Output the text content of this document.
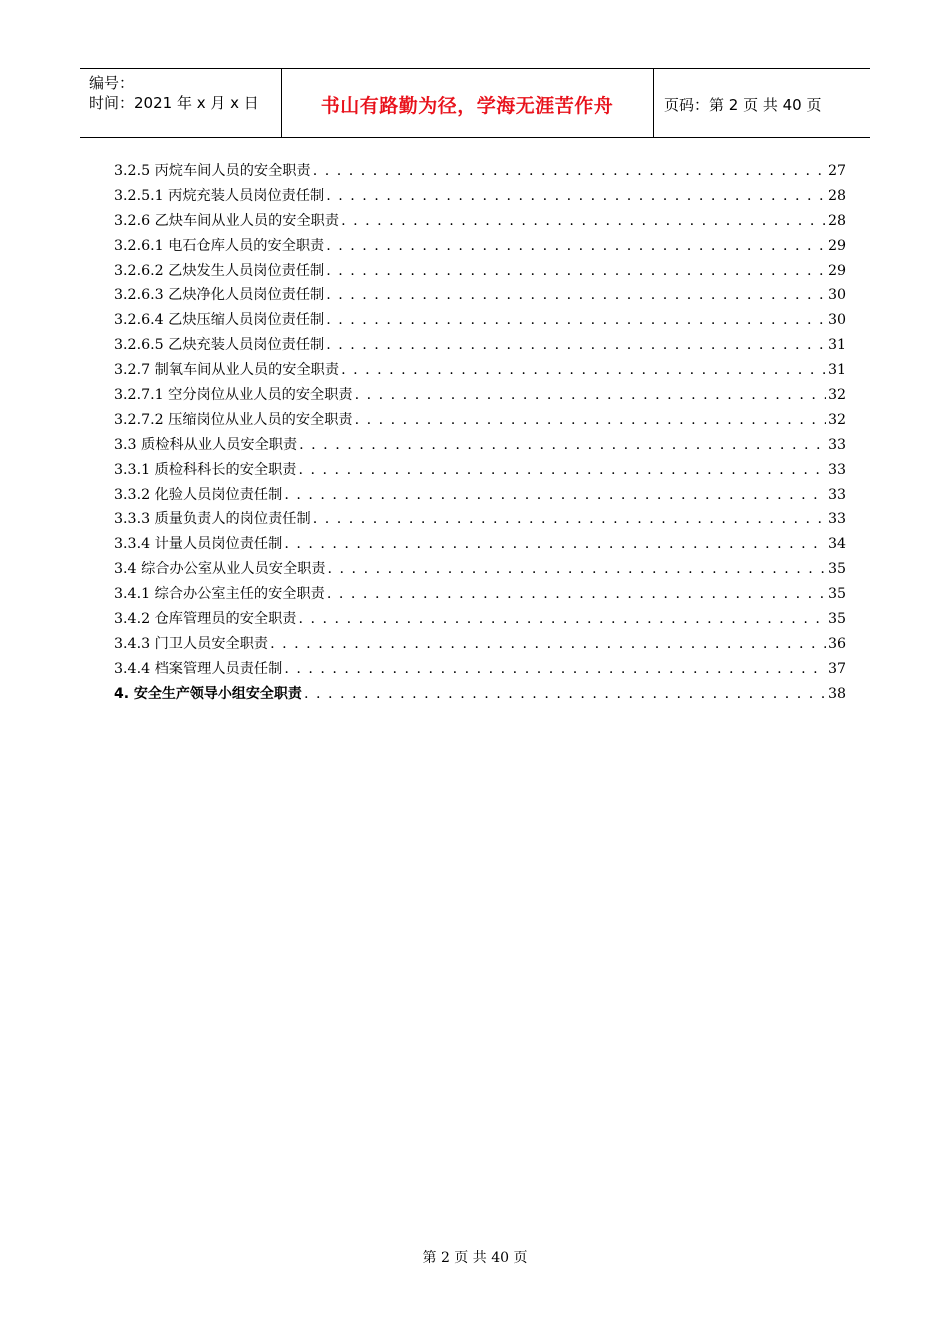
编号：
时间：2021 年 x 月 x 日	书山有路勤为径，学海无涯苦作舟	页码：第 2 页 共 40 页
3.2.5 丙烷车间人员的安全职责 . . .	27
3.2.5.1 丙烷充装人员岗位责任制 . . .	28
3.2.6 乙炔车间从业人员的安全职责 . . .	28
3.2.6.1 电石仓库人员的安全职责 . . .	29
3.2.6.2 乙炔发生人员岗位责任制 . . .	29
3.2.6.3 乙炔净化人员岗位责任制 . . .	30
3.2.6.4 乙炔压缩人员岗位责任制 . . .	30
3.2.6.5 乙炔充装人员岗位责任制 . . .	31
3.2.7 制氧车间从业人员的安全职责 . . .	31
3.2.7.1 空分岗位从业人员的安全职责 . . .	32
3.2.7.2 压缩岗位从业人员的安全职责 . . .	32
3.3 质检科从业人员安全职责 . . .	33
3.3.1 质检科科长的安全职责 . . .	33
3.3.2 化验人员岗位责任制 . . .	33
3.3.3 质量负责人的岗位责任制 . . .	33
3.3.4 计量人员岗位责任制 . . .	34
3.4 综合办公室从业人员安全职责 . . .	35
3.4.1 综合办公室主任的安全职责 . . .	35
3.4.2 仓库管理员的安全职责 . . .	35
3.4.3 门卫人员安全职责 . . .	36
3.4.4 档案管理人员责任制 . . .	37
4. 安全生产领导小组安全职责 . . .	38
第 2 页 共 40 页
